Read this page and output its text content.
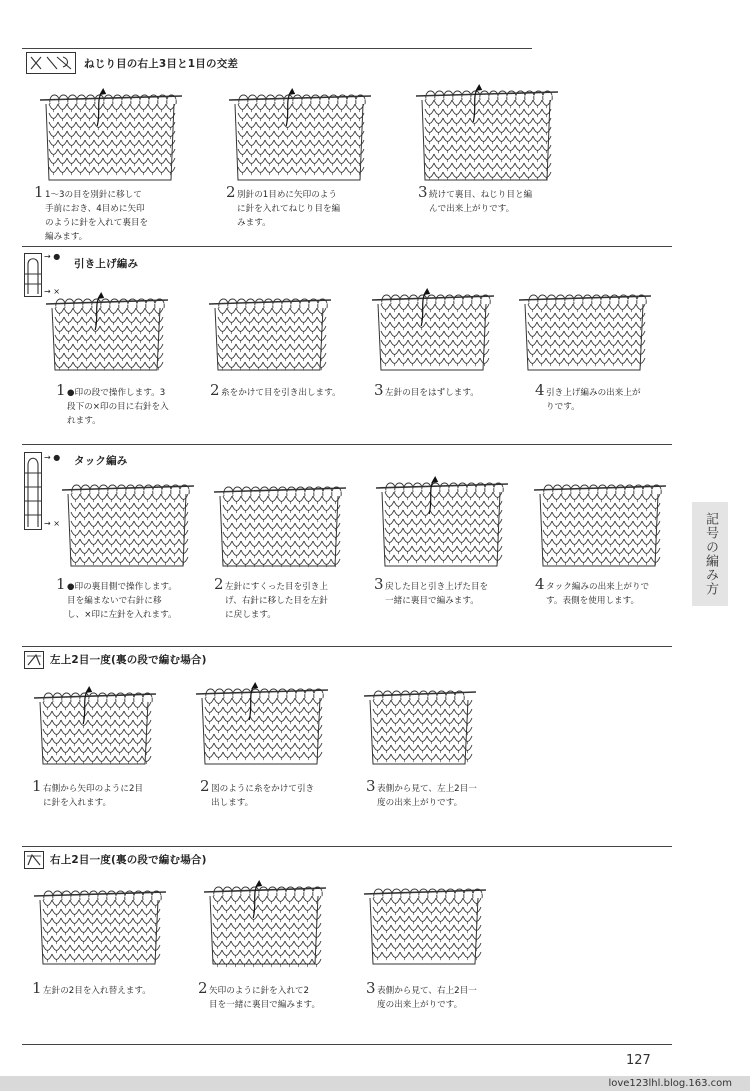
ねじり目の右上3目と1目の交差
1 1〜3の目を別針に移して
手前におき、4目めに矢印
のように針を入れて裏目を
編みます。
2 別針の1目めに矢印のよう
に針を入れてねじり目を編
みます。
3 続けて裏目、ねじり目と編
んで出来上がりです。
→ ●
→ ×
引き上げ編み
1 ●印の段で操作します。3
段下の×印の目に右針を入
れます。
2 糸をかけて目を引き出します。	3 左針の目をはずします。	4 引き上げ編みの出来上が
りです。
→ ●
→ ×
タック編み
1 ●印の裏目側で操作します。
目を編まないで右針に移
し、×印に左針を入れます。
2 左針にすくった目を引き上
げ、右針に移した目を左針
に戻します。
3 戻した目と引き上げた目を
一緒に裏目で編みます。
4 タック編みの出来上がりで
す。表側を使用します。
左上2目一度(裏の段で編む場合)
1 右側から矢印のように2目
に針を入れます。
2 図のように糸をかけて引き
出します。
3 表側から見て、左上2目一
度の出来上がりです。
右上2目一度(裏の段で編む場合)
1 左針の2目を入れ替えます。	2 矢印のように針を入れて2
目を一緒に裏目で編みます。
3 表側から見て、右上2目一
度の出来上がりです。
記号の編み方
127
love123lhl.blog.163.com
